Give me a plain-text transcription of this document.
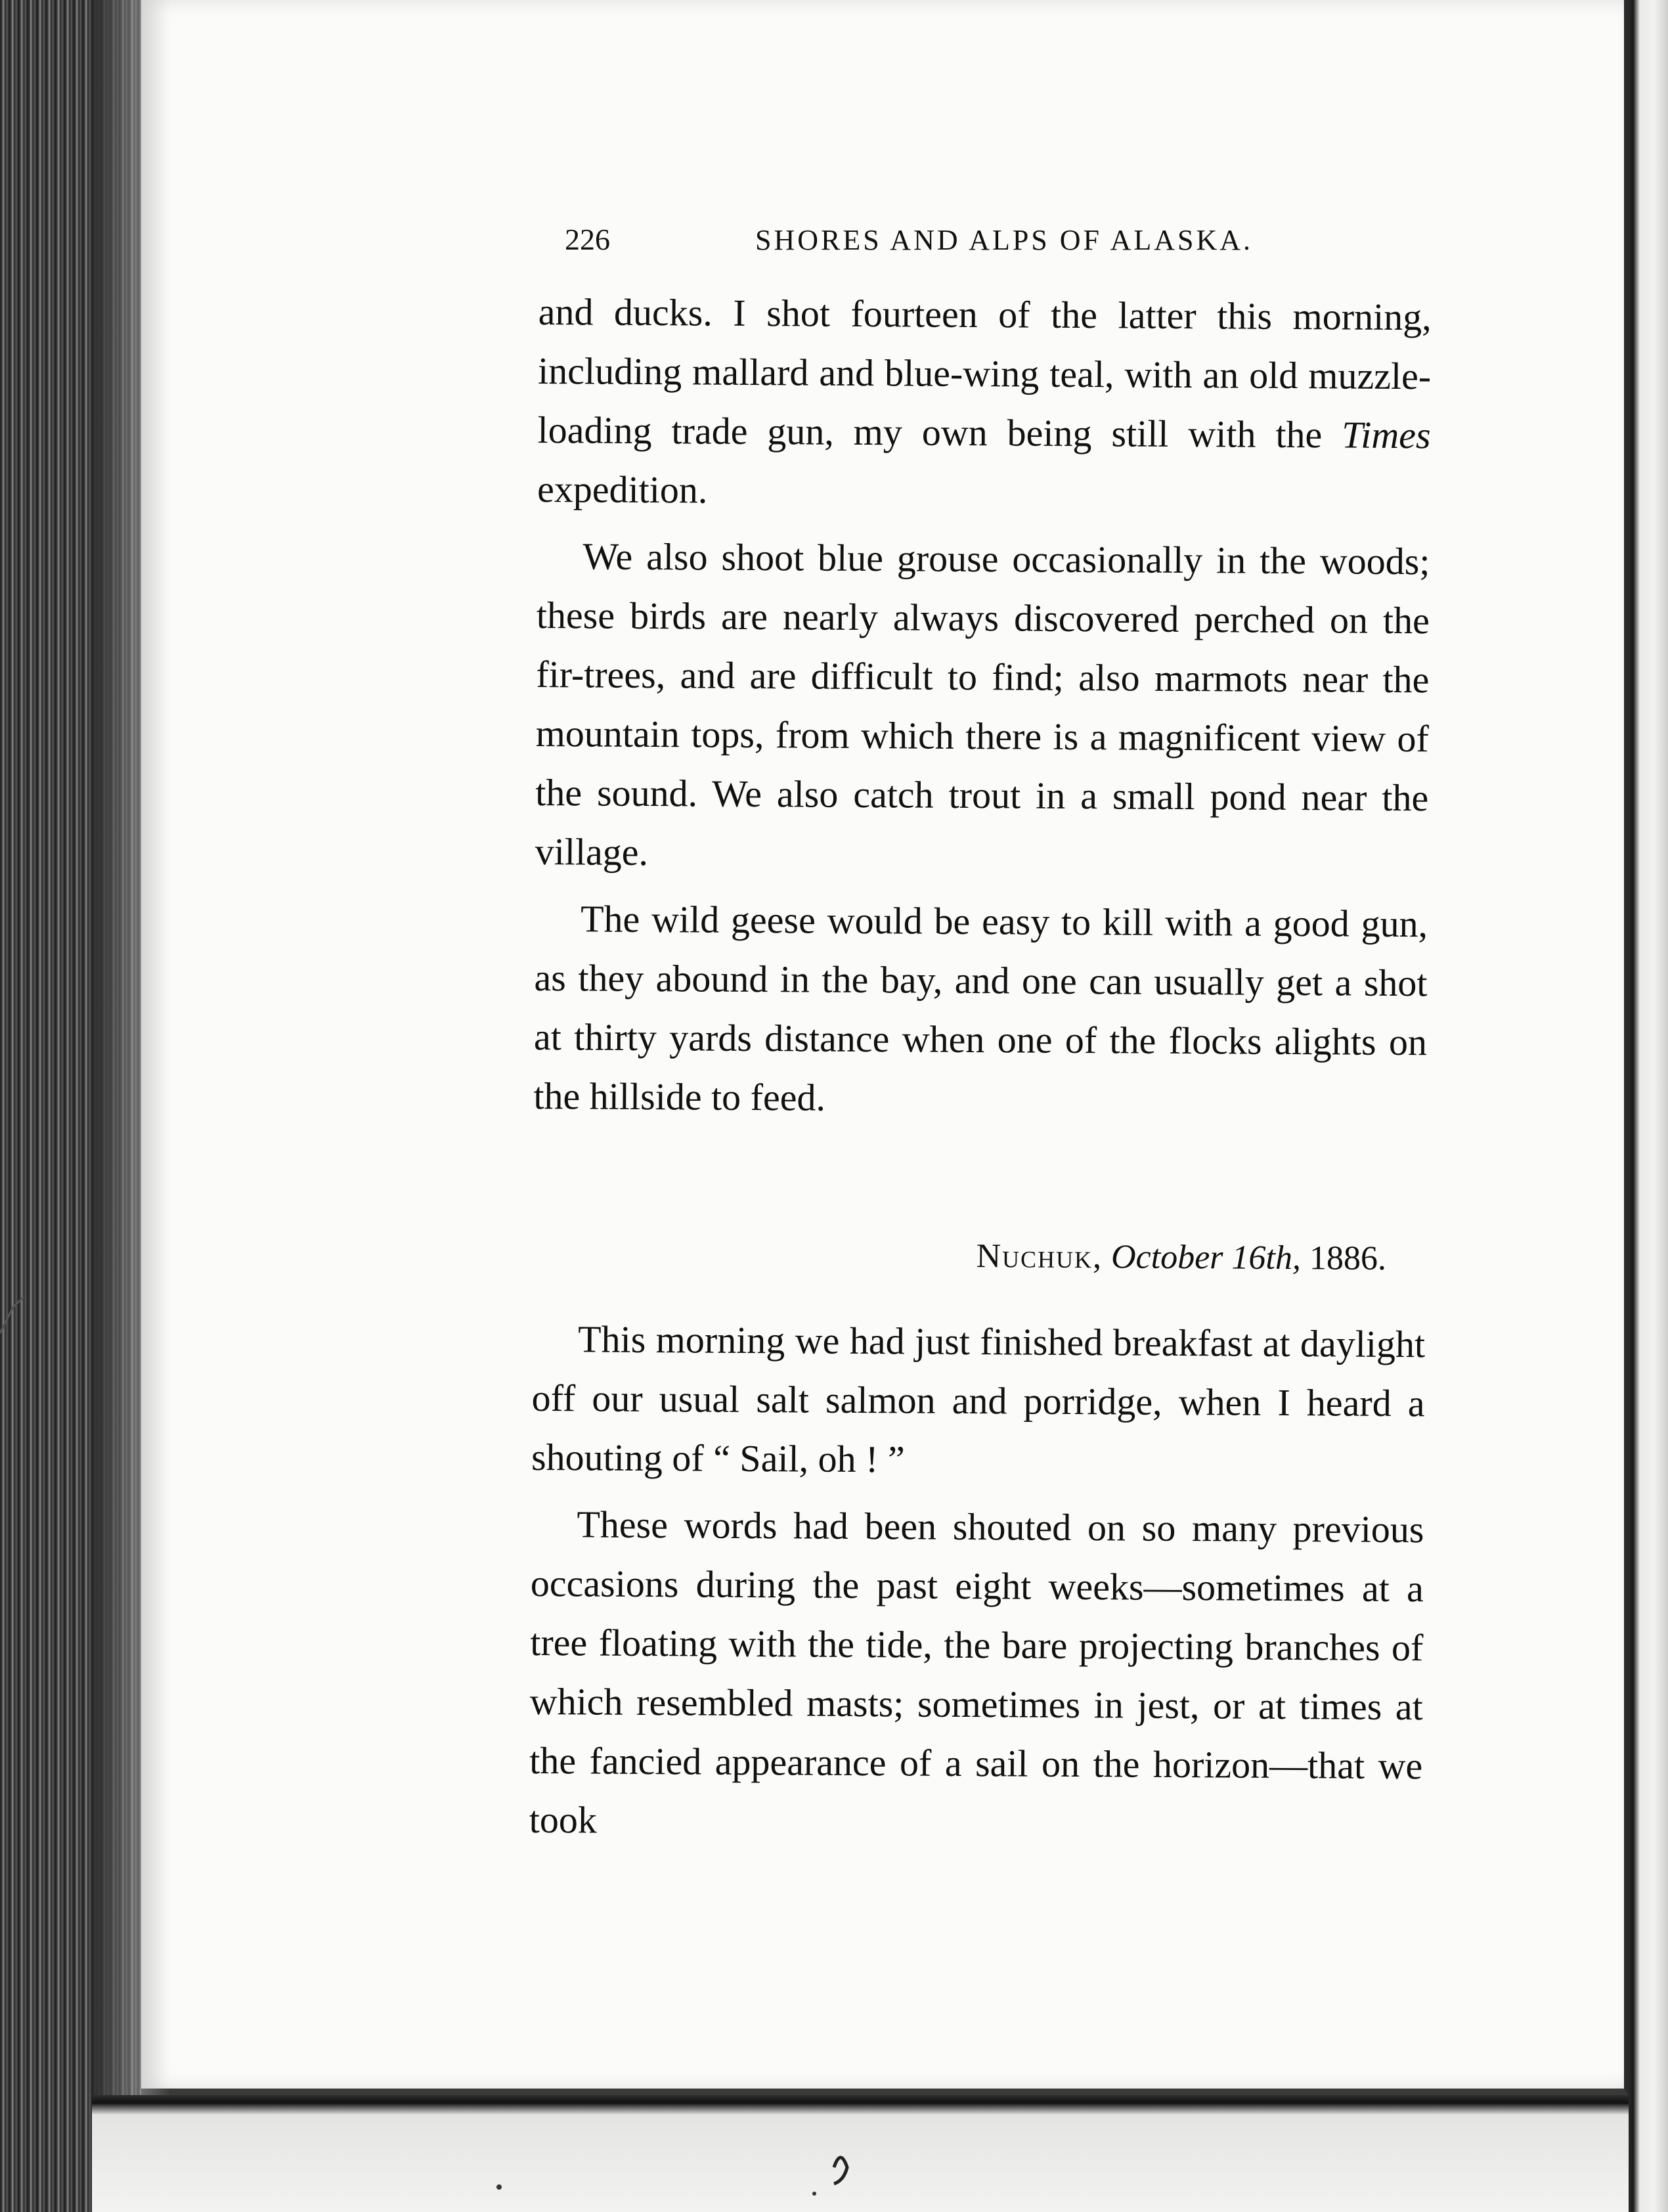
226	SHORES AND ALPS OF ALASKA.

and ducks. I shot fourteen of the latter this morning, including mallard and blue-wing teal, with an old muzzle-loading trade gun, my own being still with the Times expedition.

We also shoot blue grouse occasionally in the woods; these birds are nearly always discovered perched on the fir-trees, and are difficult to find; also marmots near the mountain tops, from which there is a magnificent view of the sound. We also catch trout in a small pond near the village.

The wild geese would be easy to kill with a good gun, as they abound in the bay, and one can usually get a shot at thirty yards distance when one of the flocks alights on the hillside to feed.

Nuchuk, October 16th, 1886.

This morning we had just finished breakfast at daylight off our usual salt salmon and porridge, when I heard a shouting of “ Sail, oh ! ”

These words had been shouted on so many previous occasions during the past eight weeks—sometimes at a tree floating with the tide, the bare projecting branches of which resembled masts; sometimes in jest, or at times at the fancied appearance of a sail on the horizon—that we took
